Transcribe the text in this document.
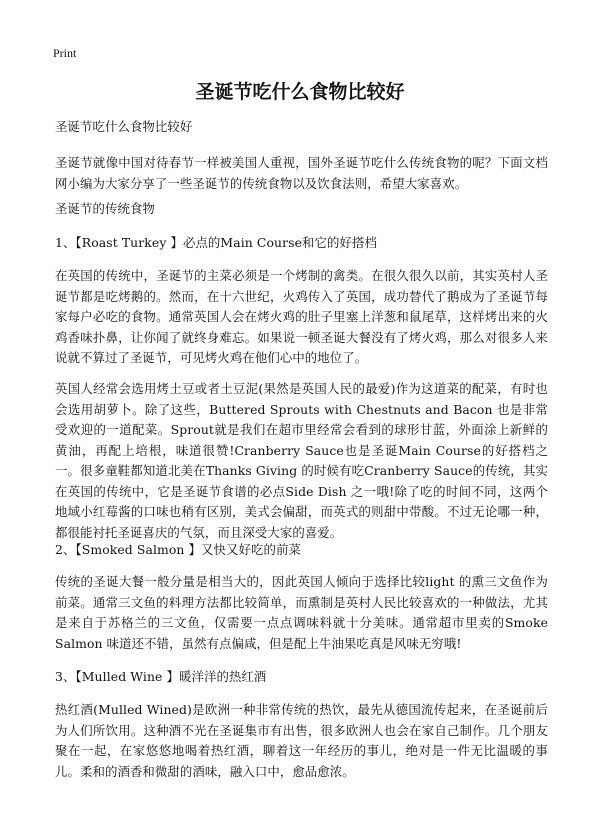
Print
圣诞节吃什么食物比较好

圣诞节吃什么食物比较好

圣诞节就像中国对待春节一样被美国人重视，国外圣诞节吃什么传统食物的呢？下面文档网小编为大家分享了一些圣诞节的传统食物以及饮食法则，希望大家喜欢。

圣诞节的传统食物

1、【Roast Turkey 】必点的Main Course和它的好搭档

在英国的传统中，圣诞节的主菜必须是一个烤制的禽类。在很久很久以前，其实英村人圣诞节都是吃烤鹅的。然而，在十六世纪，火鸡传入了英国，成功替代了鹅成为了圣诞节每家每户必吃的食物。通常英国人会在烤火鸡的肚子里塞上洋葱和鼠尾草，这样烤出来的火鸡香味扑鼻，让你闻了就终身难忘。如果说一顿圣诞大餐没有了烤火鸡，那么对很多人来说就不算过了圣诞节，可见烤火鸡在他们心中的地位了。

英国人经常会选用烤土豆或者土豆泥(果然是英国人民的最爱)作为这道菜的配菜，有时也会选用胡萝卜。除了这些，Buttered Sprouts with Chestnuts and Bacon 也是非常受欢迎的一道配菜。Sprout就是我们在超市里经常会看到的球形甘蓝，外面涂上新鲜的黄油，再配上培根，味道很赞!Cranberry Sauce也是圣诞Main Course的好搭档之一。很多童鞋都知道北美在Thanks Giving 的时候有吃Cranberry Sauce的传统，其实在英国的传统中，它是圣诞节食谱的必点Side Dish 之一哦!除了吃的时间不同，这两个地域小红莓酱的口味也稍有区别，美式会偏甜，而英式的则甜中带酸。不过无论哪一种，都很能衬托圣诞喜庆的气氛，而且深受大家的喜爱。

2、【Smoked Salmon 】又快又好吃的前菜

传统的圣诞大餐一般分量是相当大的，因此英国人倾向于选择比较light 的熏三文鱼作为前菜。通常三文鱼的料理方法都比较简单，而熏制是英村人民比较喜欢的一种做法，尤其是来自于苏格兰的三文鱼，仅需要一点点调味料就十分美味。通常超市里卖的Smoke Salmon 味道还不错，虽然有点偏咸，但是配上牛油果吃真是风味无穷哦!

3、【Mulled Wine 】暖洋洋的热红酒

热红酒(Mulled Wined)是欧洲一种非常传统的热饮，最先从德国流传起来，在圣诞前后为人们所饮用。这种酒不光在圣诞集市有出售，很多欧洲人也会在家自己制作。几个朋友聚在一起，在家悠悠地喝着热红酒，聊着这一年经历的事儿，绝对是一件无比温暖的事儿。柔和的酒香和微甜的酒味，融入口中，愈品愈浓。
